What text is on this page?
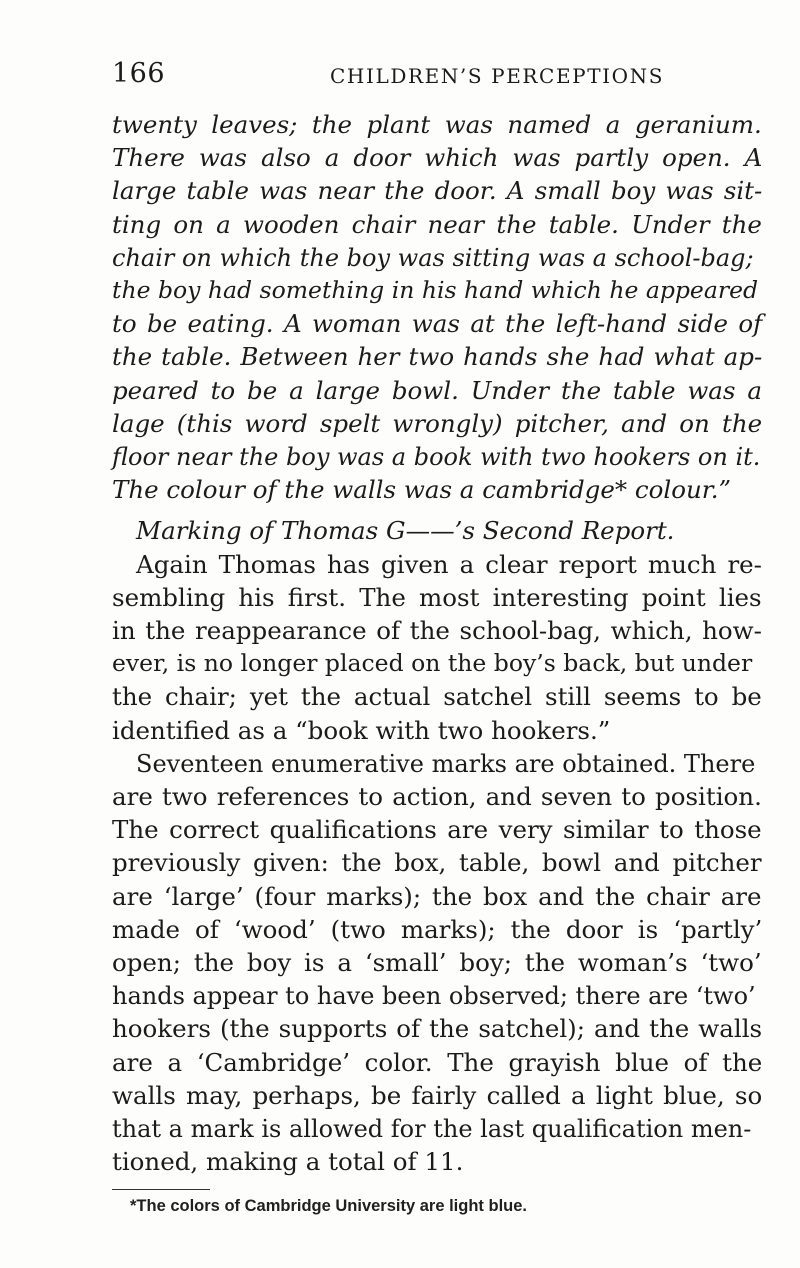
166	CHILDREN’S PERCEPTIONS
twenty leaves; the plant was named a geranium.
There was also a door which was partly open. A
large table was near the door. A small boy was sit-
ting on a wooden chair near the table. Under the
chair on which the boy was sitting was a school-bag;
the boy had something in his hand which he appeared
to be eating. A woman was at the left-hand side of
the table. Between her two hands she had what ap-
peared to be a large bowl. Under the table was a
lage (this word spelt wrongly) pitcher, and on the
floor near the boy was a book with two hookers on it.
The colour of the walls was a cambridge* colour.”
Marking of Thomas G——’s Second Report.
Again Thomas has given a clear report much re-
sembling his first. The most interesting point lies
in the reappearance of the school-bag, which, how-
ever, is no longer placed on the boy’s back, but under
the chair; yet the actual satchel still seems to be
identified as a “book with two hookers.”
Seventeen enumerative marks are obtained. There
are two references to action, and seven to position.
The correct qualifications are very similar to those
previously given: the box, table, bowl and pitcher
are ‘large’ (four marks); the box and the chair are
made of ‘wood’ (two marks); the door is ‘partly’
open; the boy is a ‘small’ boy; the woman’s ‘two’
hands appear to have been observed; there are ‘two’
hookers (the supports of the satchel); and the walls
are a ‘Cambridge’ color. The grayish blue of the
walls may, perhaps, be fairly called a light blue, so
that a mark is allowed for the last qualification men-
tioned, making a total of 11.
*The colors of Cambridge University are light blue.
